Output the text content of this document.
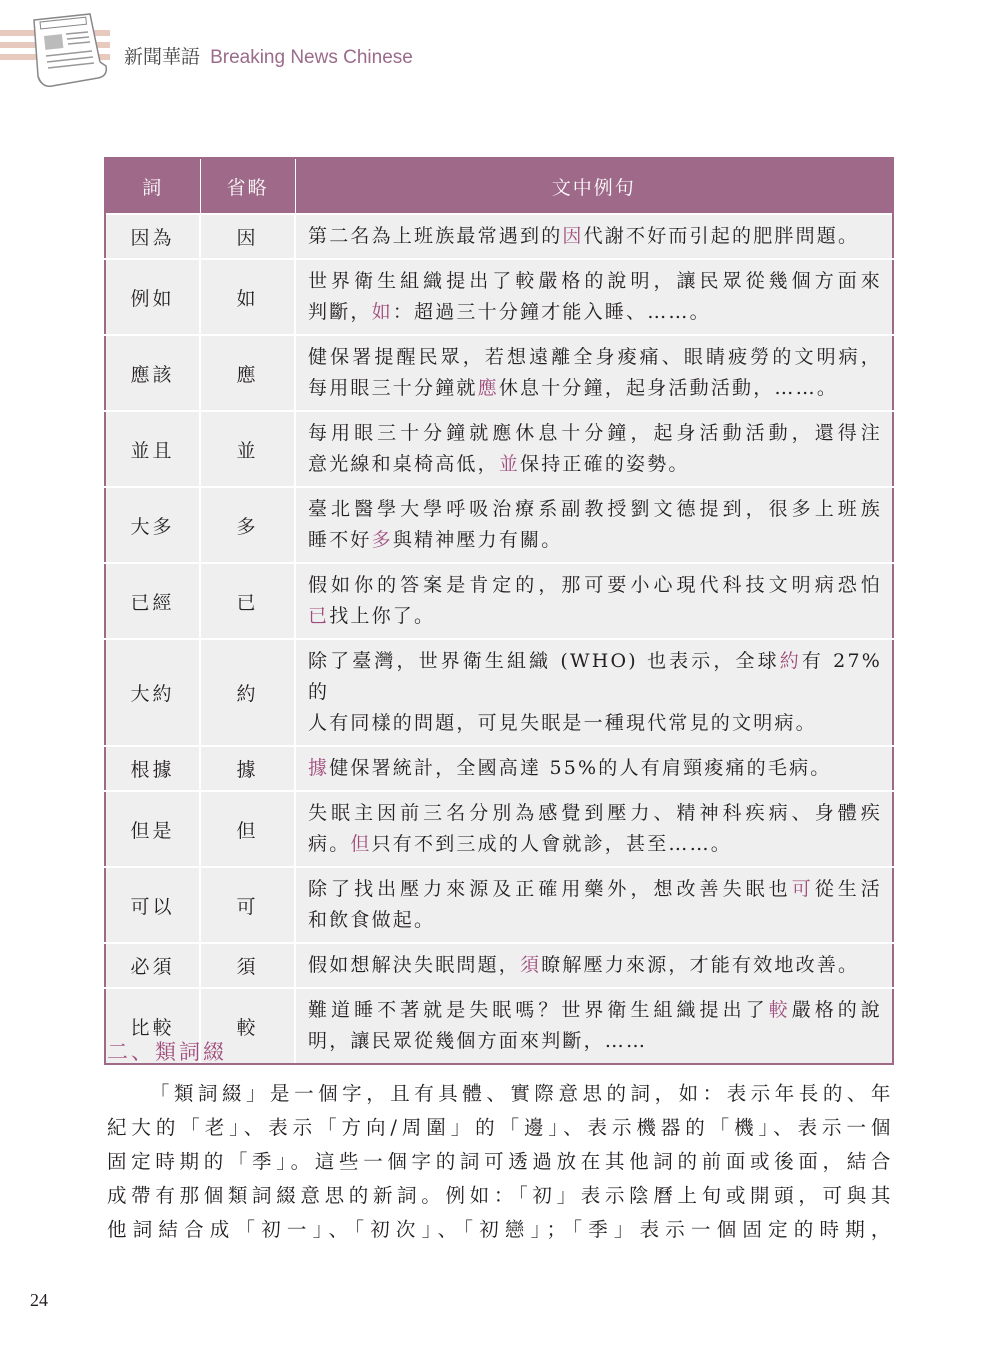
新聞華語 Breaking News Chinese
詞	省略	文中例句
因為	因	第二名為上班族最常遇到的因代謝不好而引起的肥胖問題。

例如	如	世界衛生組織提出了較嚴格的說明，讓民眾從幾個方面來
判斷，如：超過三十分鐘才能入睡、……。

應該	應	健保署提醒民眾，若想遠離全身痠痛、眼睛疲勞的文明病，
每用眼三十分鐘就應休息十分鐘，起身活動活動，……。

並且	並	每用眼三十分鐘就應休息十分鐘，起身活動活動，還得注
意光線和桌椅高低，並保持正確的姿勢。

大多	多	臺北醫學大學呼吸治療系副教授劉文德提到，很多上班族
睡不好多與精神壓力有關。

已經	已	假如你的答案是肯定的，那可要小心現代科技文明病恐怕
已找上你了。

大約	約	除了臺灣，世界衛生組織 (WHO) 也表示，全球約有 27%的
人有同樣的問題，可見失眠是一種現代常見的文明病。

根據	據	據健保署統計，全國高達 55%的人有肩頸痠痛的毛病。

但是	但	失眠主因前三名分別為感覺到壓力、精神科疾病、身體疾
病。但只有不到三成的人會就診，甚至……。

可以	可	除了找出壓力來源及正確用藥外，想改善失眠也可從生活
和飲食做起。

必須	須	假如想解決失眠問題，須瞭解壓力來源，才能有效地改善。

比較	較	難道睡不著就是失眠嗎？世界衛生組織提出了較嚴格的說
明，讓民眾從幾個方面來判斷，……
二、類詞綴

「類詞綴」是一個字，且有具體、實際意思的詞，如：表示年長的、年

紀大的「老」、表示「方向/周圍」的「邊」、表示機器的「機」、表示一個

固定時期的「季」。這些一個字的詞可透過放在其他詞的前面或後面，結合

成帶有那個類詞綴意思的新詞。例如：「初」表示陰曆上旬或開頭，可與其

他詞結合成「初一」、「初次」、「初戀」；「季」表示一個固定的時期，

24
